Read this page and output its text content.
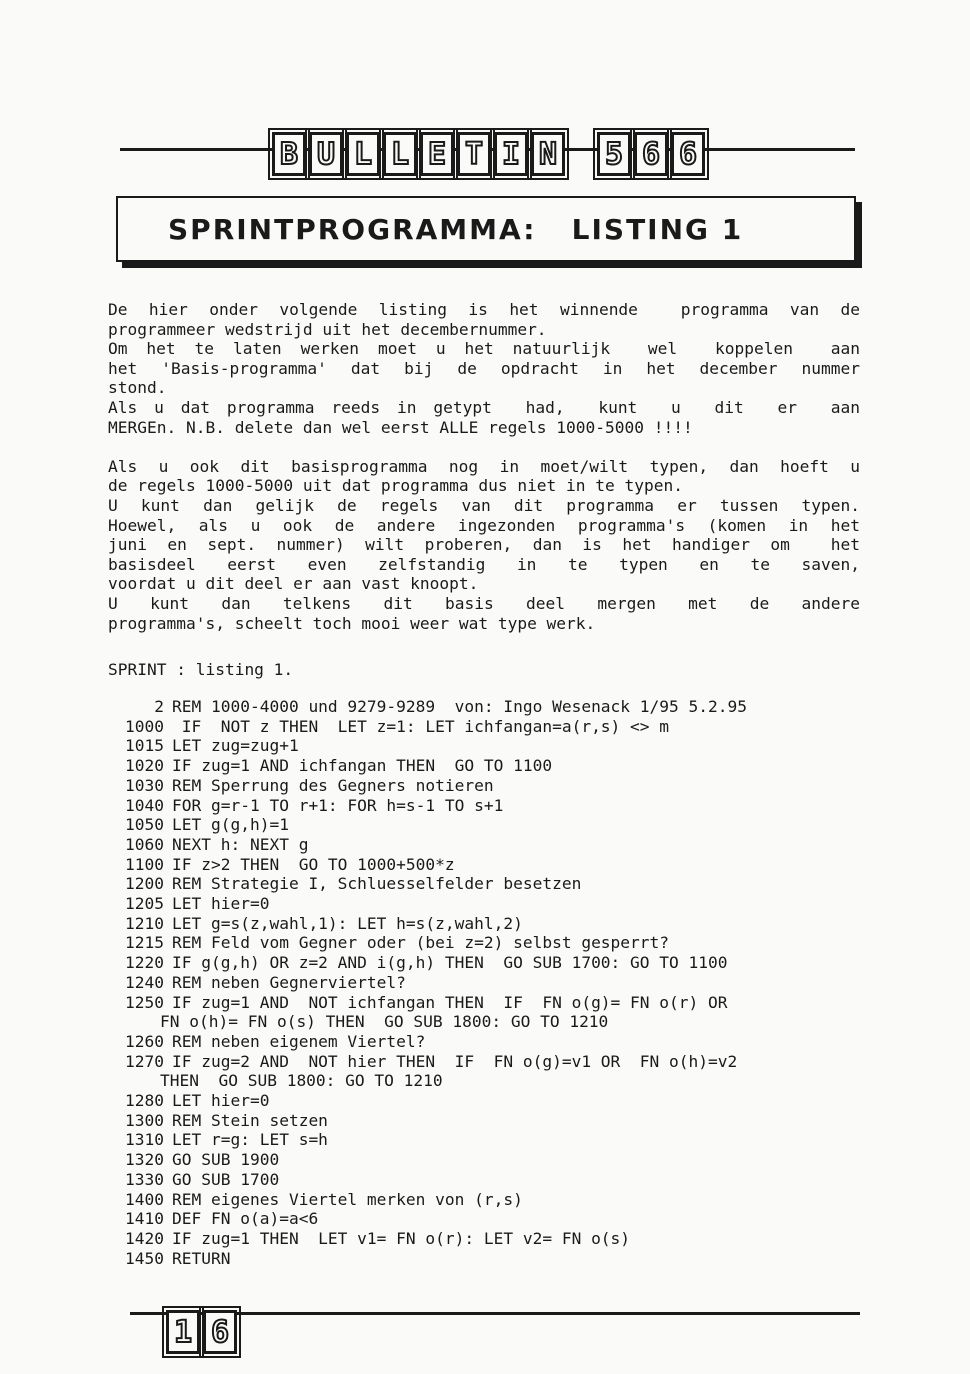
B U L L E T I N 5 6 6
SPRINTPROGRAMMA:   LISTING 1
De hier onder volgende listing is het winnende  programma van de
programmeer wedstrijd uit het decembernummer.
Om het te laten werken moet u het natuurlijk  wel  koppelen  aan
het 'Basis-programma' dat bij de opdracht in het december nummer
stond.
Als u dat programma reeds in getypt  had,  kunt  u  dit  er  aan
MERGEn. N.B. delete dan wel eerst ALLE regels 1000-5000 !!!!
Als u ook dit basisprogramma nog in moet/wilt typen, dan hoeft u
de regels 1000-5000 uit dat programma dus niet in te typen.
U kunt dan gelijk de regels van dit programma er tussen typen.
Hoewel, als u ook de andere ingezonden programma's (komen in het
juni en sept. nummer) wilt proberen, dan is het handiger om  het
basisdeel  eerst  even  zelfstandig  in  te  typen  en  te  saven,
voordat u dit deel er aan vast knoopt.
U  kunt  dan  telkens  dit  basis  deel  mergen  met  de  andere
programma's, scheelt toch mooi weer wat type werk.
SPRINT : listing 1.
2 REM 1000-4000 und 9279-9289  von: Ingo Wesenack 1/95 5.2.95
1000 IF  NOT z THEN  LET z=1: LET ichfangan=a(r,s) <> m
1015 LET zug=zug+1
1020 IF zug=1 AND ichfangan THEN  GO TO 1100
1030 REM Sperrung des Gegners notieren
1040 FOR g=r-1 TO r+1: FOR h=s-1 TO s+1
1050 LET g(g,h)=1
1060 NEXT h: NEXT g
1100 IF z>2 THEN  GO TO 1000+500*z
1200 REM Strategie I, Schluesselfelder besetzen
1205 LET hier=0
1210 LET g=s(z,wahl,1): LET h=s(z,wahl,2)
1215 REM Feld vom Gegner oder (bei z=2) selbst gesperrt?
1220 IF g(g,h) OR z=2 AND i(g,h) THEN  GO SUB 1700: GO TO 1100
1240 REM neben Gegnerviertel?
1250 IF zug=1 AND  NOT ichfangan THEN  IF  FN o(g)= FN o(r) OR
FN o(h)= FN o(s) THEN  GO SUB 1800: GO TO 1210
1260 REM neben eigenem Viertel?
1270 IF zug=2 AND  NOT hier THEN  IF  FN o(g)=v1 OR  FN o(h)=v2
THEN  GO SUB 1800: GO TO 1210
1280 LET hier=0
1300 REM Stein setzen
1310 LET r=g: LET s=h
1320 GO SUB 1900
1330 GO SUB 1700
1400 REM eigenes Viertel merken von (r,s)
1410 DEF FN o(a)=a<6
1420 IF zug=1 THEN  LET v1= FN o(r): LET v2= FN o(s)
1450 RETURN
1 6
